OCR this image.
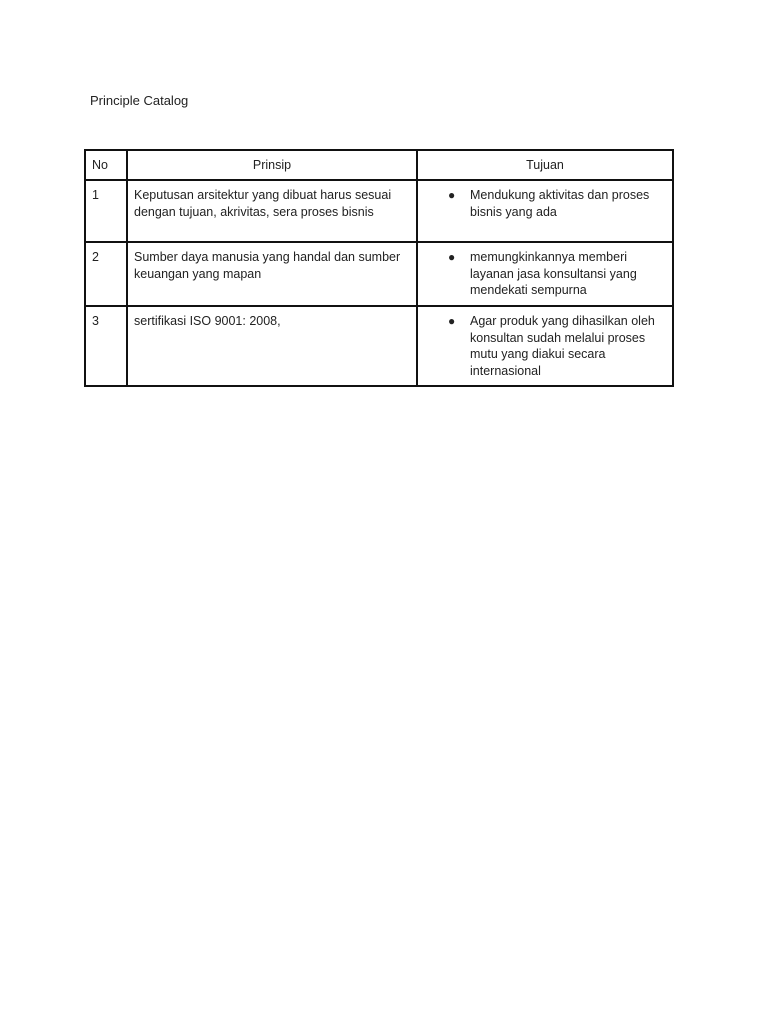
Principle Catalog
No	Prinsip	Tujuan
1	Keputusan arsitektur yang dibuat harus sesuai dengan tujuan, akrivitas, sera proses bisnis	● Mendukung aktivitas dan proses bisnis yang ada

2	Sumber daya manusia yang handal dan sumber keuangan yang mapan	● memungkinkannya memberi layanan jasa konsultansi yang mendekati sempurna

3	sertifikasi ISO 9001: 2008,	● Agar produk yang dihasilkan oleh konsultan sudah melalui proses mutu yang diakui secara internasional
